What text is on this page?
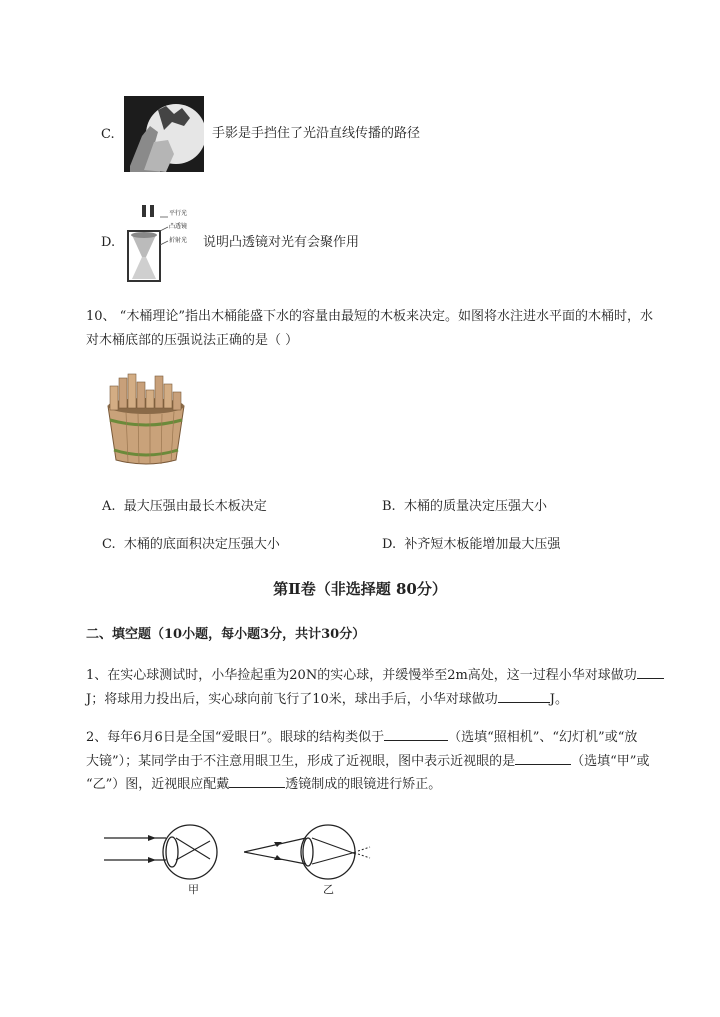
C.	手影是手挡住了光沿直线传播的路径
D.
平行光
凸透镜
折射光 说明凸透镜对光有会聚作用
10、 “木桶理论”指出木桶能盛下水的容量由最短的木板来决定。如图将水注进水平面的木桶时，水
对木桶底部的压强说法正确的是（ ）
A. 最大压强由最长木板决定	B. 木桶的质量决定压强大小
C. 木桶的底面积决定压强大小	D. 补齐短木板能增加最大压强
第Ⅱ卷（非选择题 80分）
二、填空题（10小题，每小题3分，共计30分）
1、在实心球测试时，小华捡起重为20N的实心球，并缓慢举至2m高处，这一过程小华对球做功
J；将球用力投出后，实心球向前飞行了10米，球出手后，小华对球做功	J。
2、每年6月6日是全国“爱眼日”。眼球的结构类似于	（选填“照相机”、“幻灯机”或“放
大镜”）；某同学由于不注意用眼卫生，形成了近视眼，图中表示近视眼的是	（选填“甲”或
“乙”）图，近视眼应配戴	透镜制成的眼镜进行矫正。
甲	乙
